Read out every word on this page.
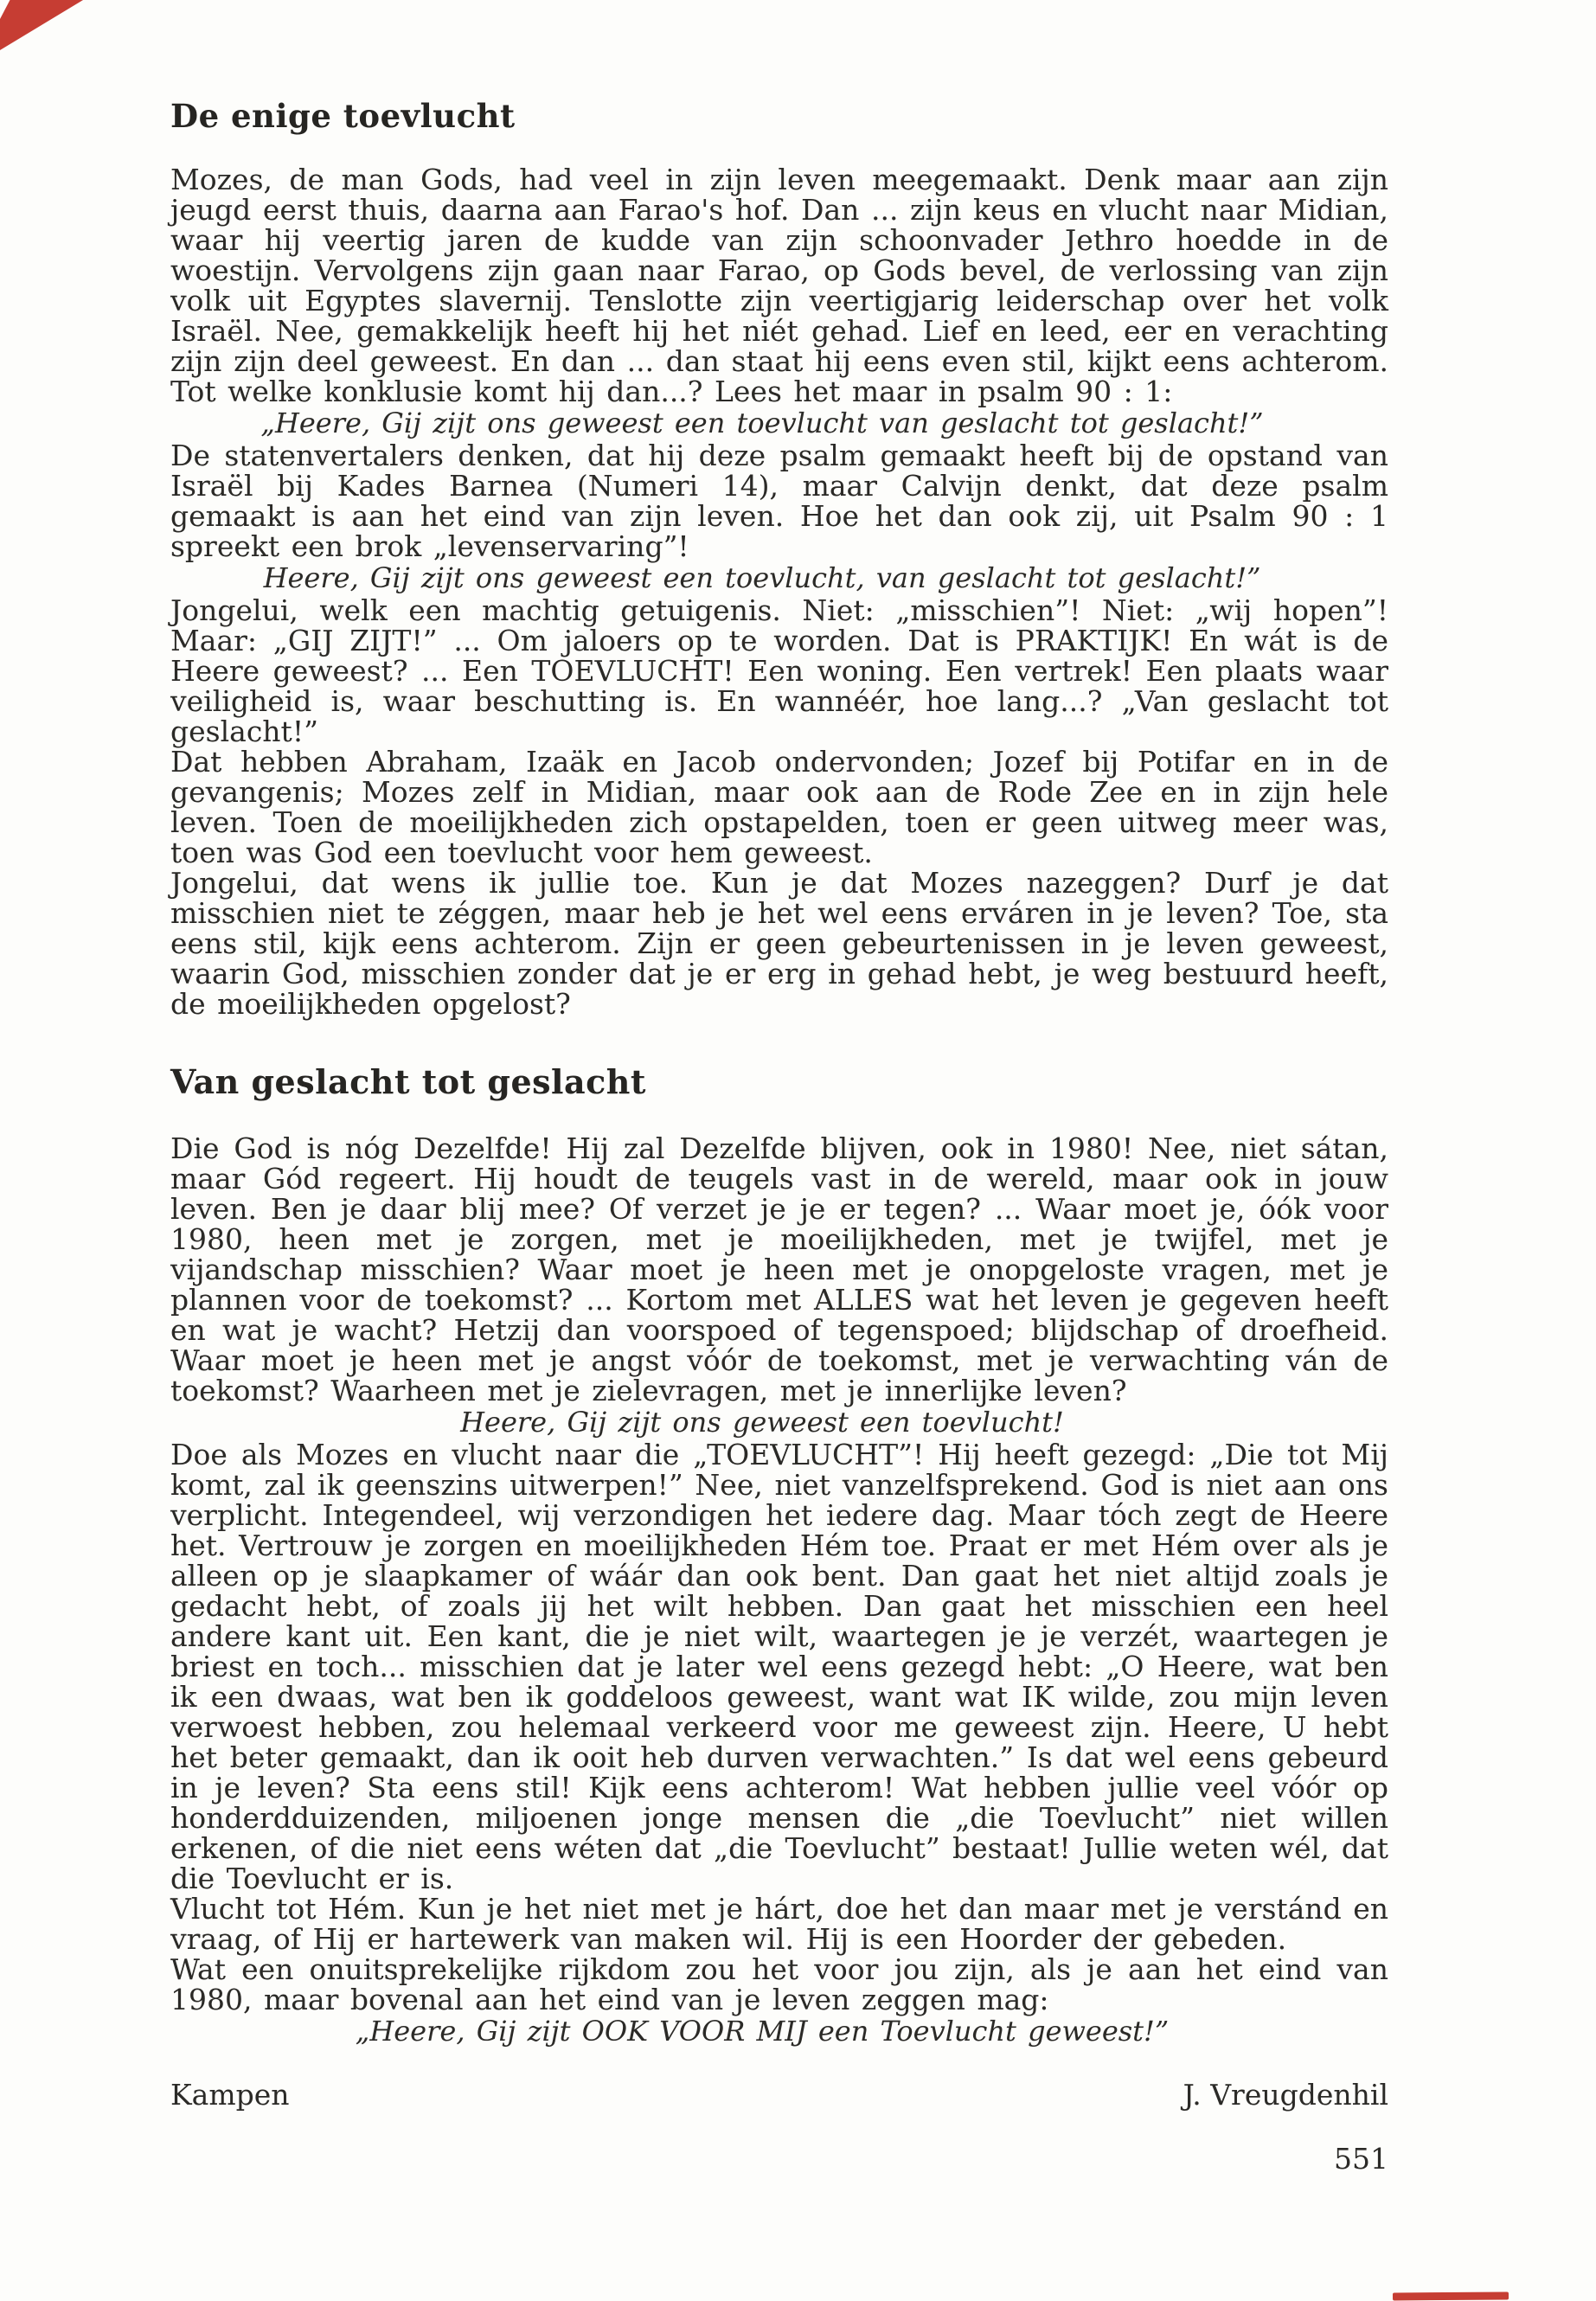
De enige toevlucht

Mozes, de man Gods, had veel in zijn leven meegemaakt. Denk maar aan zijn jeugd eerst thuis, daarna aan Farao's hof. Dan ... zijn keus en vlucht naar Midian, waar hij veertig jaren de kudde van zijn schoonvader Jethro hoedde in de woestijn. Vervolgens zijn gaan naar Farao, op Gods bevel, de verlossing van zijn volk uit Egyptes slavernij. Tenslotte zijn veertigjarig leiderschap over het volk Israël. Nee, gemakkelijk heeft hij het niét gehad. Lief en leed, eer en verachting zijn zijn deel geweest. En dan ... dan staat hij eens even stil, kijkt eens achterom. Tot welke konklusie komt hij dan...? Lees het maar in psalm 90 : 1:

„Heere, Gij zijt ons geweest een toevlucht van geslacht tot geslacht!”

De statenvertalers denken, dat hij deze psalm gemaakt heeft bij de opstand van Israël bij Kades Barnea (Numeri 14), maar Calvijn denkt, dat deze psalm gemaakt is aan het eind van zijn leven. Hoe het dan ook zij, uit Psalm 90 : 1 spreekt een brok „levenservaring”!

Heere, Gij zijt ons geweest een toevlucht, van geslacht tot geslacht!”

Jongelui, welk een machtig getuigenis. Niet: „misschien”! Niet: „wij hopen”! Maar: „GIJ ZIJT!” ... Om jaloers op te worden. Dat is PRAKTIJK! En wát is de Heere geweest? ... Een TOEVLUCHT! Een woning. Een vertrek! Een plaats waar veiligheid is, waar beschutting is. En wannéér, hoe lang...? „Van geslacht tot geslacht!”

Dat hebben Abraham, Izaäk en Jacob ondervonden; Jozef bij Potifar en in de gevangenis; Mozes zelf in Midian, maar ook aan de Rode Zee en in zijn hele leven. Toen de moeilijkheden zich opstapelden, toen er geen uitweg meer was, toen was God een toevlucht voor hem geweest.

Jongelui, dat wens ik jullie toe. Kun je dat Mozes nazeggen? Durf je dat misschien niet te zéggen, maar heb je het wel eens erváren in je leven? Toe, sta eens stil, kijk eens achterom. Zijn er geen gebeurtenissen in je leven geweest, waarin God, misschien zonder dat je er erg in gehad hebt, je weg bestuurd heeft, de moeilijkheden opgelost?

Van geslacht tot geslacht

Die God is nóg Dezelfde! Hij zal Dezelfde blijven, ook in 1980! Nee, niet sátan, maar Gód regeert. Hij houdt de teugels vast in de wereld, maar ook in jouw leven. Ben je daar blij mee? Of verzet je je er tegen? ... Waar moet je, óók voor 1980, heen met je zorgen, met je moeilijkheden, met je twijfel, met je vijandschap misschien? Waar moet je heen met je onopgeloste vragen, met je plannen voor de toekomst? ... Kortom met ALLES wat het leven je gegeven heeft en wat je wacht? Hetzij dan voorspoed of tegenspoed; blijdschap of droefheid. Waar moet je heen met je angst vóór de toekomst, met je verwachting ván de toekomst? Waarheen met je zielevragen, met je innerlijke leven?

Heere, Gij zijt ons geweest een toevlucht!

Doe als Mozes en vlucht naar die „TOEVLUCHT”! Hij heeft gezegd: „Die tot Mij komt, zal ik geenszins uitwerpen!” Nee, niet vanzelfsprekend. God is niet aan ons verplicht. Integendeel, wij verzondigen het iedere dag. Maar tóch zegt de Heere het. Vertrouw je zorgen en moeilijkheden Hém toe. Praat er met Hém over als je alleen op je slaapkamer of wáár dan ook bent. Dan gaat het niet altijd zoals je gedacht hebt, of zoals jij het wilt hebben. Dan gaat het misschien een heel andere kant uit. Een kant, die je niet wilt, waartegen je je verzét, waartegen je briest en toch... misschien dat je later wel eens gezegd hebt: „O Heere, wat ben ik een dwaas, wat ben ik goddeloos geweest, want wat IK wilde, zou mijn leven verwoest hebben, zou helemaal verkeerd voor me geweest zijn. Heere, U hebt het beter gemaakt, dan ik ooit heb durven verwachten.” Is dat wel eens gebeurd in je leven? Sta eens stil! Kijk eens achterom! Wat hebben jullie veel vóór op honderdduizenden, miljoenen jonge mensen die „die Toevlucht” niet willen erkenen, of die niet eens wéten dat „die Toevlucht” bestaat! Jullie weten wél, dat die Toevlucht er is.

Vlucht tot Hém. Kun je het niet met je hárt, doe het dan maar met je verstánd en vraag, of Hij er hartewerk van maken wil. Hij is een Hoorder der gebeden.

Wat een onuitsprekelijke rijkdom zou het voor jou zijn, als je aan het eind van 1980, maar bovenal aan het eind van je leven zeggen mag:

„Heere, Gij zijt OOK VOOR MIJ een Toevlucht geweest!”
Kampen	J. Vreugdenhil
551
